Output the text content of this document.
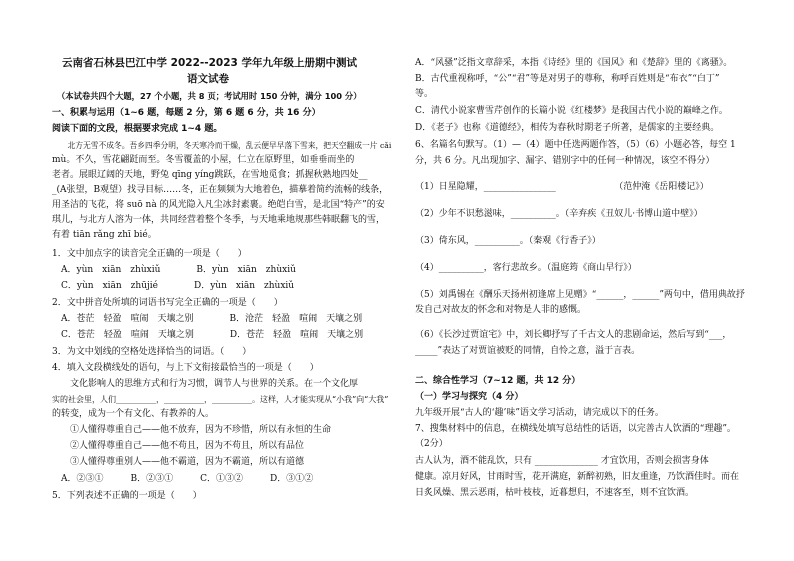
云南省石林县巴江中学 2022--2023 学年九年级上册期中测试
语文试卷
（本试卷共四个大题，27 个小题，共 8 页；考试用时 150 分钟，满分 100 分）
一、积累与运用（1~6 题，每题 2 分，第 6 题 6 分，共 16 分）
阅读下面的文段，根据要求完成 1~4 题。
　　北方无雪不成冬。吾乡四季分明，冬天寒冷而干燥，乱云便早早落下雪来，把天空翻成一片 cǎi
mù。不久，雪花翩跹而至。冬雪覆盖的小屋，仁立在原野里，如垂垂而坐的
老者。展眼辽阔的天地，野兔 qīng yíng跳跃，在雪地觅食；抓握秋熟地四处__
_(A张望，B观望）找寻目标……冬，正在频频为大地着色，描摹着简约流畅的线条，
用圣洁的飞花，将 suō nà 的风光隐入凡尘冰封素裹。绝皑白雪，是北国“特产”的安
琪儿，与北方人溶为一体，共同经营着整个冬季，与天地乘地规那些韩眠翻飞的雪，
有着 tiān rǎng zhī bié。
1．文中加点字的读音完全正确的一项是（　　）
　A．yùn　xiān　zhùxiǔ　　　　B．yùn　xiān　zhùxiǔ
　C．yùn　xiān　zhūjié　　　　D．yùn　xiān　zhùxiǔ
2．文中拼音处所填的词语书写完全正确的一项是（　　）
　A．苍茫　轻盈　喧闹　天壤之别　　　　B．沧茫　轻盈　喧闹　天壤之别
　C．苍茫　轻盈　喧闹　天壤之别　　　　D．苍茫　轻盈　喧闹　天壤之别
3．为文中划线的空格处选择恰当的词语。（　　）
4．填入文段横线处的语句，与上下文衔接最恰当的一项是（　　）
　　文化影响人的思维方式和行为习惯，调节人与世界的关系。在一个文化厚
实的社会里，人们__________，__________，__________。这样，人才能实现从“小我”向“大我”
的转变，成为一个有文化、有教养的人。
　　①人懂得尊重自己——他不放弃，因为不珍惜，所以有永恒的生命
　　②人懂得尊重自己——他不苟且，因为不苟且，所以有品位
　　③人懂得尊重别人——他不霸道，因为不霸道，所以有道德
　A．②③①　　　B．②③①　　　C．①③②　　　D．③①②
5．下列表述不正确的一项是（　　）
A．“风骚”泛指文章辞采，本指《诗经》里的《国风》和《楚辞》里的《离骚》。
B．古代重视称呼，“公”“君”等是对男子的尊称，称呼百姓则是“布衣”“白丁”
等。
C．清代小说家曹雪芹创作的长篇小说《红楼梦》是我国古代小说的巅峰之作。
D．《老子》也称《道德经》，相传为春秋时期老子所著，是儒家的主要经典。
6、名篇名句默写。（1）—（4）题中任选两题作答，（5）（6）小题必答，每空 1
分，共 6 分。凡出现加字、漏字、错别字中的任何一种情况，该空不得分）
（1）日星隐耀，________________　　　　　　　（范仲淹《岳阳楼记》）
（2）少年不识愁滋味，__________。（辛弃疾《丑奴儿·书博山道中壁》）
（3）倚东风，__________。（秦观《行香子》）
（4）__________，客行悲故乡。（温庭筠《商山早行》）
（5）刘禹锡在《酬乐天扬州初逢席上见赠》“______，______”两句中，借用典故抒
发自己对故友的怀念和对物是人非的感慨。
（6）《长沙过贾谊宅》中，刘长卿抒写了千古文人的悲剧命运，然后写到“___，
_____”表达了对贾谊被贬的同情，自怜之意，溢于言表。
二、综合性学习（7~12 题，共 12 分）
（一）学习与探究（4 分）
九年级开展“古人的‘趣’味”语文学习活动，请完成以下的任务。
7、搜集材料中的信息，在横线处填写总结性的话语，以完善古人饮酒的“理趣”。
（2分）
古人认为，酒不能乱饮，只有 ______________ 才宜饮用，否则会损害身体
健康。凉月好风，甘雨时雪，花开满庭，新醉初熟，旧友重逢，乃饮酒佳时。而在
日炙风燥、黑云恶雨，枯叶枝枝，近暮想归，不速客至，则不宜饮酒。
